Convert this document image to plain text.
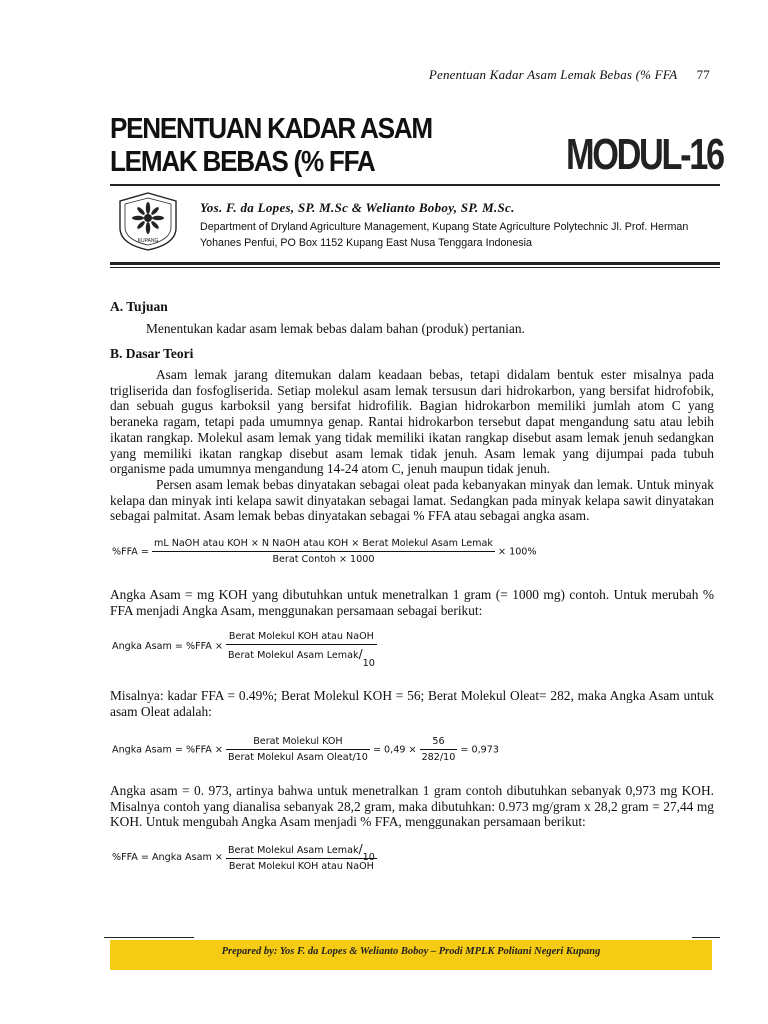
Penentuan Kadar Asam Lemak Bebas (% FFA 77
PENENTUAN KADAR ASAM
LEMAK BEBAS (% FFA	MODUL-16
KUPANG
Yos. F. da Lopes, SP. M.Sc & Welianto Boboy, SP. M.Sc.
Department of Dryland Agriculture Management, Kupang State Agriculture Polytechnic Jl. Prof. Herman Yohanes Penfui, PO Box 1152 Kupang East Nusa Tenggara Indonesia
A. Tujuan
Menentukan kadar asam lemak bebas dalam bahan (produk) pertanian.
B. Dasar Teori

Asam lemak jarang ditemukan dalam keadaan bebas, tetapi didalam bentuk ester misalnya pada trigliserida dan fosfogliserida. Setiap molekul asam lemak tersusun dari hidrokarbon, yang bersifat hidrofobik, dan sebuah gugus karboksil yang bersifat hidrofilik. Bagian hidrokarbon memiliki jumlah atom C yang beraneka ragam, tetapi pada umumnya genap. Rantai hidrokarbon tersebut dapat mengandung satu atau lebih ikatan rangkap. Molekul asam lemak yang tidak memiliki ikatan rangkap disebut asam lemak jenuh sedangkan yang memiliki ikatan rangkap disebut asam lemak tidak jenuh. Asam lemak yang dijumpai pada tubuh organisme pada umumnya mengandung 14-24 atom C, jenuh maupun tidak jenuh.

Persen asam lemak bebas dinyatakan sebagai oleat pada kebanyakan minyak dan lemak. Untuk minyak kelapa dan minyak inti kelapa sawit dinyatakan sebagai lamat. Sedangkan pada minyak kelapa sawit dinyatakan sebagai palmitat. Asam lemak bebas dinyatakan sebagai % FFA atau sebagai angka asam.

%FFA =
mL NaOH atau KOH × N NaOH atau KOH × Berat Molekul Asam Lemak
Berat Contoh × 1000
× 100%
Angka Asam = mg KOH yang dibutuhkan untuk menetralkan 1 gram (= 1000 mg) contoh. Untuk merubah % FFA menjadi Angka Asam, menggunakan persamaan sebagai berikut:
Angka Asam = $\%FFA \times \frac{\text{Berat Molekul KOH atau NaOH}}{\text{Berat Molekul Asam Lemak/10}}$
Misalnya: kadar FFA = 0.49%; Berat Molekul KOH = 56; Berat Molekul Oleat= 282, maka Angka Asam untuk asam Oleat adalah:
Angka Asam = $\%FFA \times \frac{\text{Berat Molekul KOH}}{\text{Berat Molekul Asam Oleat/10}} = 0,49 \times \frac{56}{282/10} = 0,973$
Angka asam = 0. 973, artinya bahwa untuk menetralkan 1 gram contoh dibutuhkan sebanyak 0,973 mg KOH. Misalnya contoh yang dianalisa sebanyak 28,2 gram, maka dibutuhkan: 0.973 mg/gram x 28,2 gram = 27,44 mg KOH. Untuk mengubah Angka Asam menjadi % FFA, menggunakan persamaan berikut:
%FFA = Angka Asam × $\frac{\text{Berat Molekul Asam Lemak/10}}{\text{Berat Molekul KOH atau NaOH}}$
Prepared by: Yos F. da Lopes & Welianto Boboy – Prodi MPLK Politani Negeri Kupang
